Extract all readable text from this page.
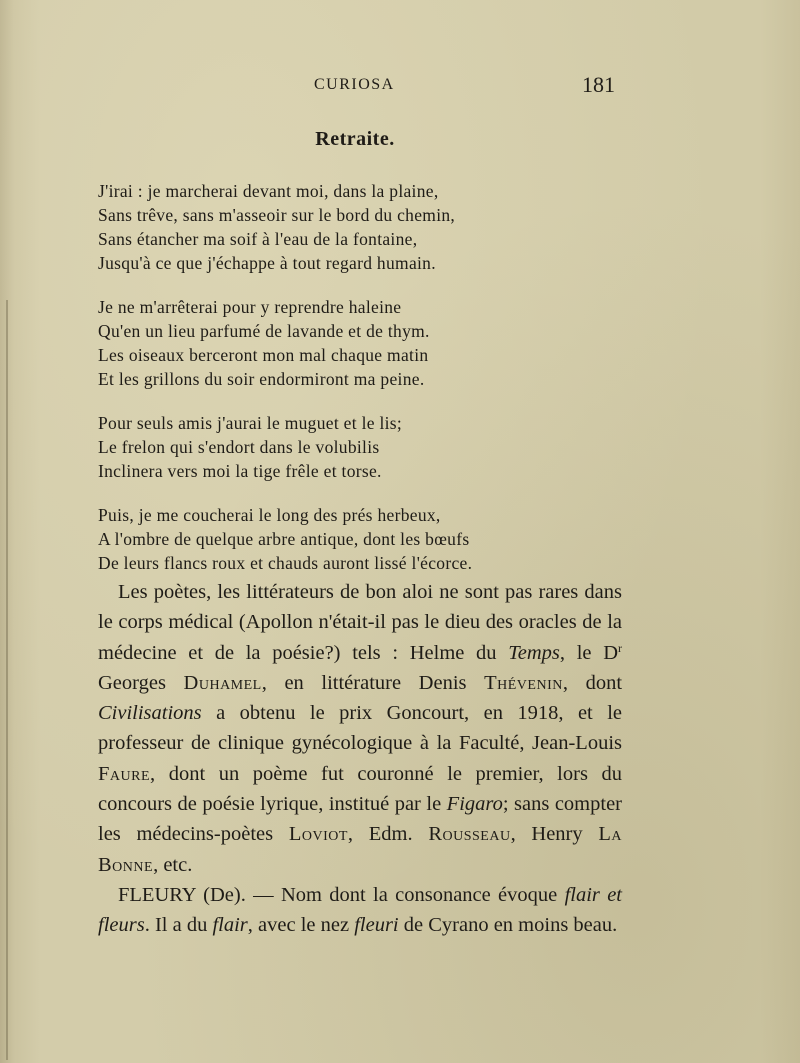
CURIOSA	181
Retraite.
J'irai : je marcherai devant moi, dans la plaine,
Sans trêve, sans m'asseoir sur le bord du chemin,
Sans étancher ma soif à l'eau de la fontaine,
Jusqu'à ce que j'échappe à tout regard humain.
Je ne m'arrêterai pour y reprendre haleine
Qu'en un lieu parfumé de lavande et de thym.
Les oiseaux berceront mon mal chaque matin
Et les grillons du soir endormiront ma peine.
Pour seuls amis j'aurai le muguet et le lis;
Le frelon qui s'endort dans le volubilis
Inclinera vers moi la tige frêle et torse.
Puis, je me coucherai le long des prés herbeux,
A l'ombre de quelque arbre antique, dont les bœufs
De leurs flancs roux et chauds auront lissé l'écorce.

Les poètes, les littérateurs de bon aloi ne sont pas rares dans le corps médical (Apollon n'était-il pas le dieu des oracles de la médecine et de la poésie?) tels : Helme du Temps, le $D^r$ Georges Duhamel, en littérature Denis Thévenin, dont Civilisations a obtenu le prix Goncourt, en 1918, et le professeur de clinique gynécologique à la Faculté, Jean-Louis Faure, dont un poème fut couronné le premier, lors du concours de poésie lyrique, institué par le Figaro; sans compter les médecins-poètes Loviot, Edm. Rousseau, Henry La Bonne, etc.

FLEURY (De). — Nom dont la consonance évoque flair et fleurs. Il a du flair, avec le nez fleuri de Cyrano en moins beau.
